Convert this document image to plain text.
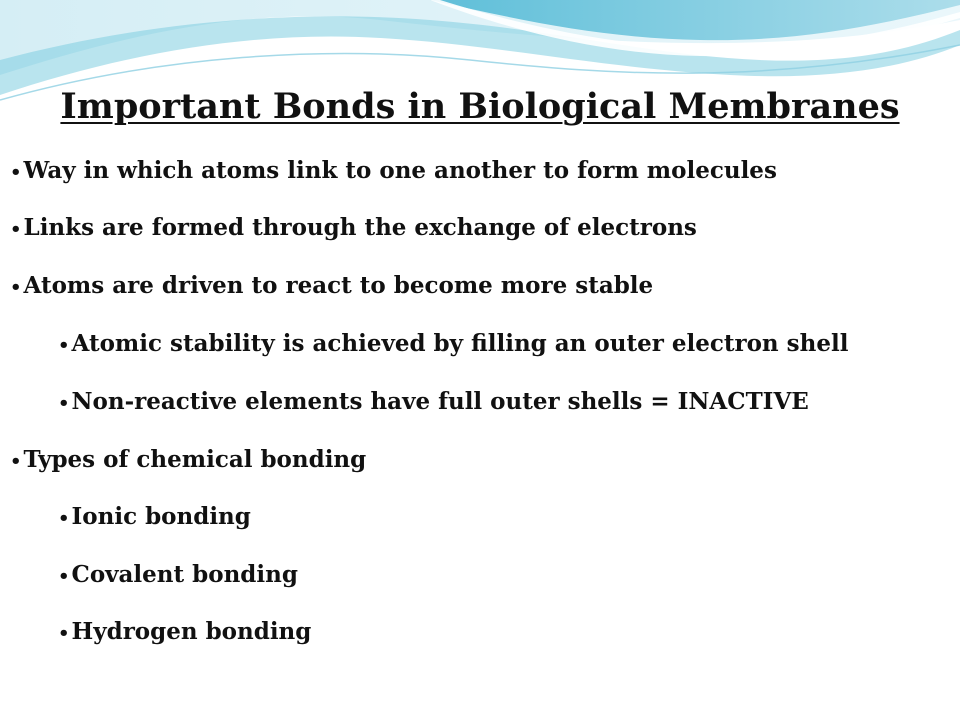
Important Bonds in Biological Membranes
• Way in which atoms link to one another to form molecules
• Links are formed through the exchange of electrons
• Atoms are driven to react to become more stable
• Atomic stability is achieved by filling an outer electron shell
• Non-reactive elements have full outer shells = INACTIVE
• Types of chemical bonding
• Ionic bonding
• Covalent bonding
• Hydrogen bonding
